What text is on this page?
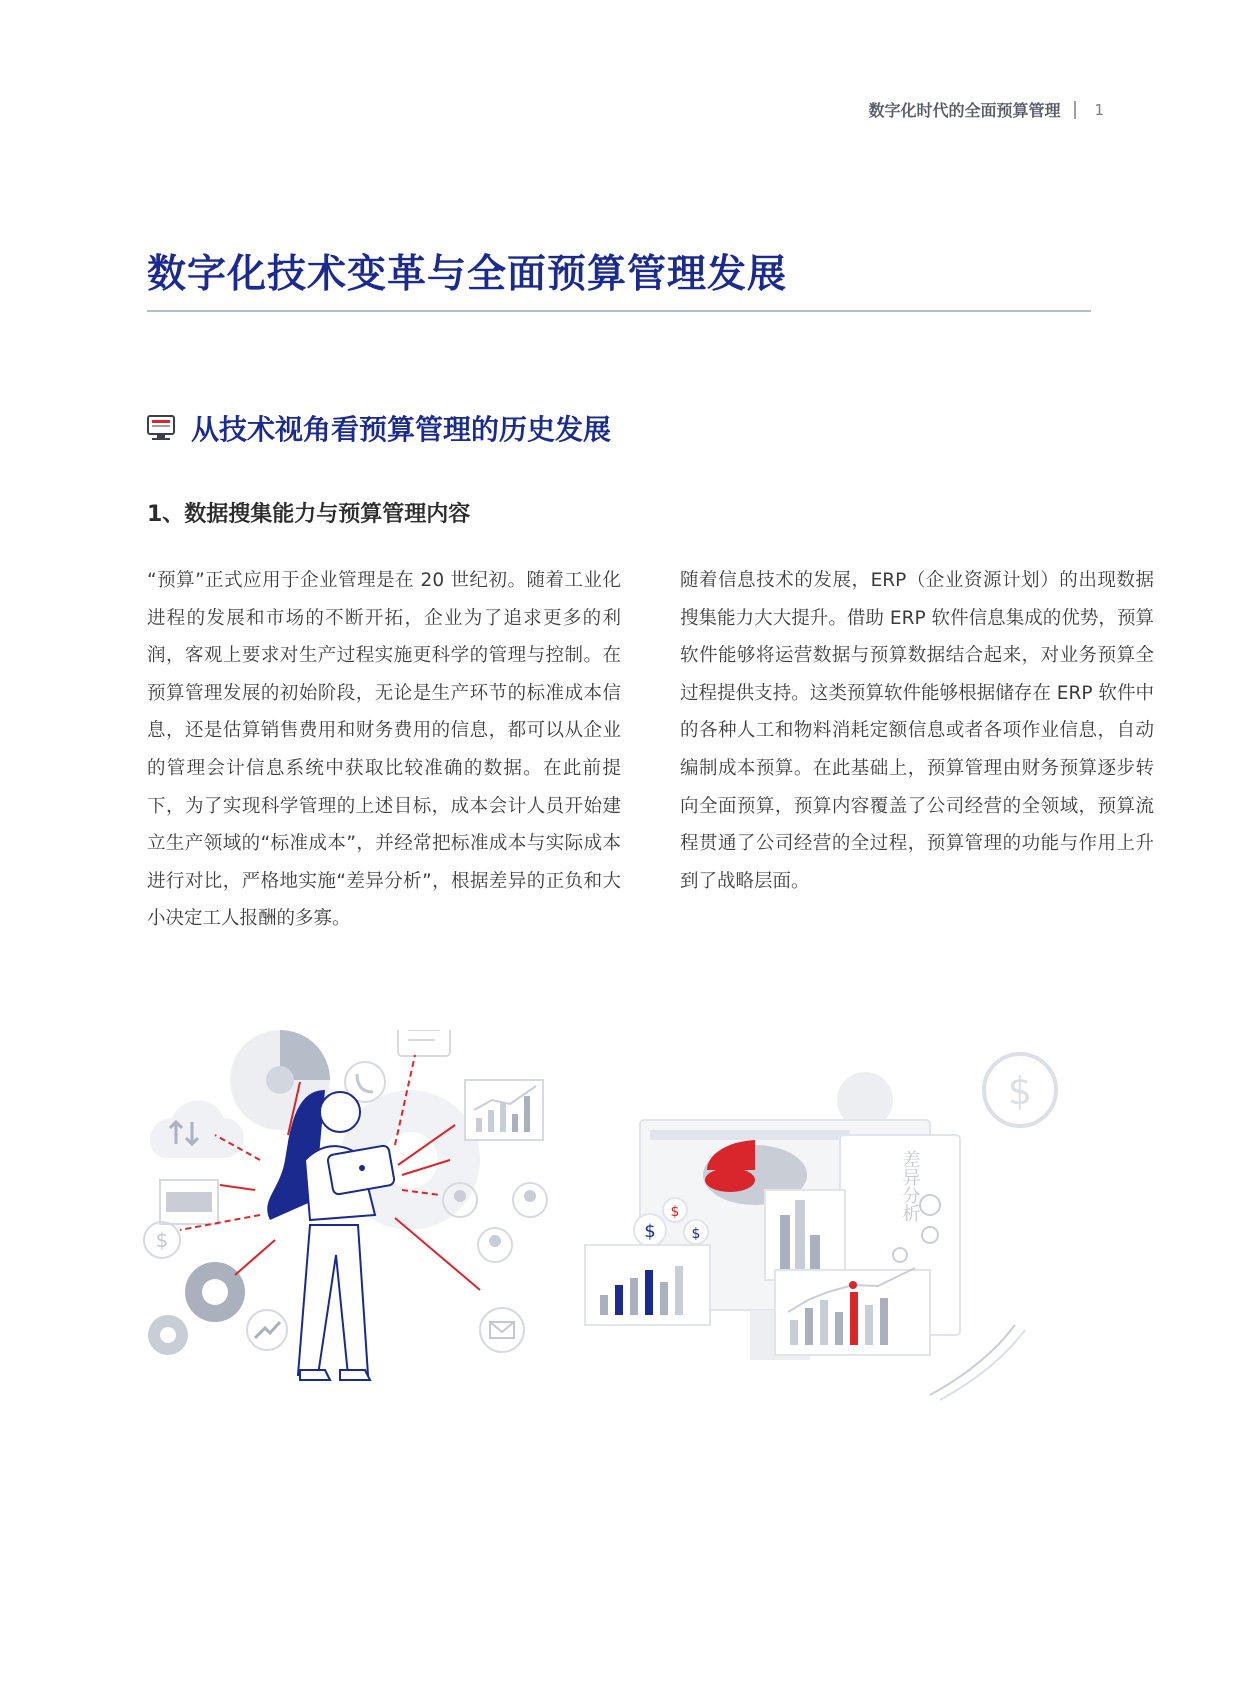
数字化时代的全面预算管理 1
数字化技术变革与全面预算管理发展
从技术视角看预算管理的历史发展
1、数据搜集能力与预算管理内容

“预算”正式应用于企业管理是在 20 世纪初。随着工业化进程的发展和市场的不断开拓，企业为了追求更多的利润，客观上要求对生产过程实施更科学的管理与控制。在预算管理发展的初始阶段，无论是生产环节的标准成本信息，还是估算销售费用和财务费用的信息，都可以从企业的管理会计信息系统中获取比较准确的数据。在此前提下，为了实现科学管理的上述目标，成本会计人员开始建立生产领域的“标准成本”，并经常把标准成本与实际成本进行对比，严格地实施“差异分析”，根据差异的正负和大小决定工人报酬的多寡。

随着信息技术的发展，ERP（企业资源计划）的出现数据搜集能力大大提升。借助 ERP 软件信息集成的优势，预算软件能够将运营数据与预算数据结合起来，对业务预算全过程提供支持。这类预算软件能够根据储存在 ERP 软件中的各种人工和物料消耗定额信息或者各项作业信息，自动编制成本预算。在此基础上，预算管理由财务预算逐步转向全面预算，预算内容覆盖了公司经营的全领域，预算流程贯通了公司经营的全过程，预算管理的功能与作用上升到了战略层面。

$
$
差异分析
$
$	$
